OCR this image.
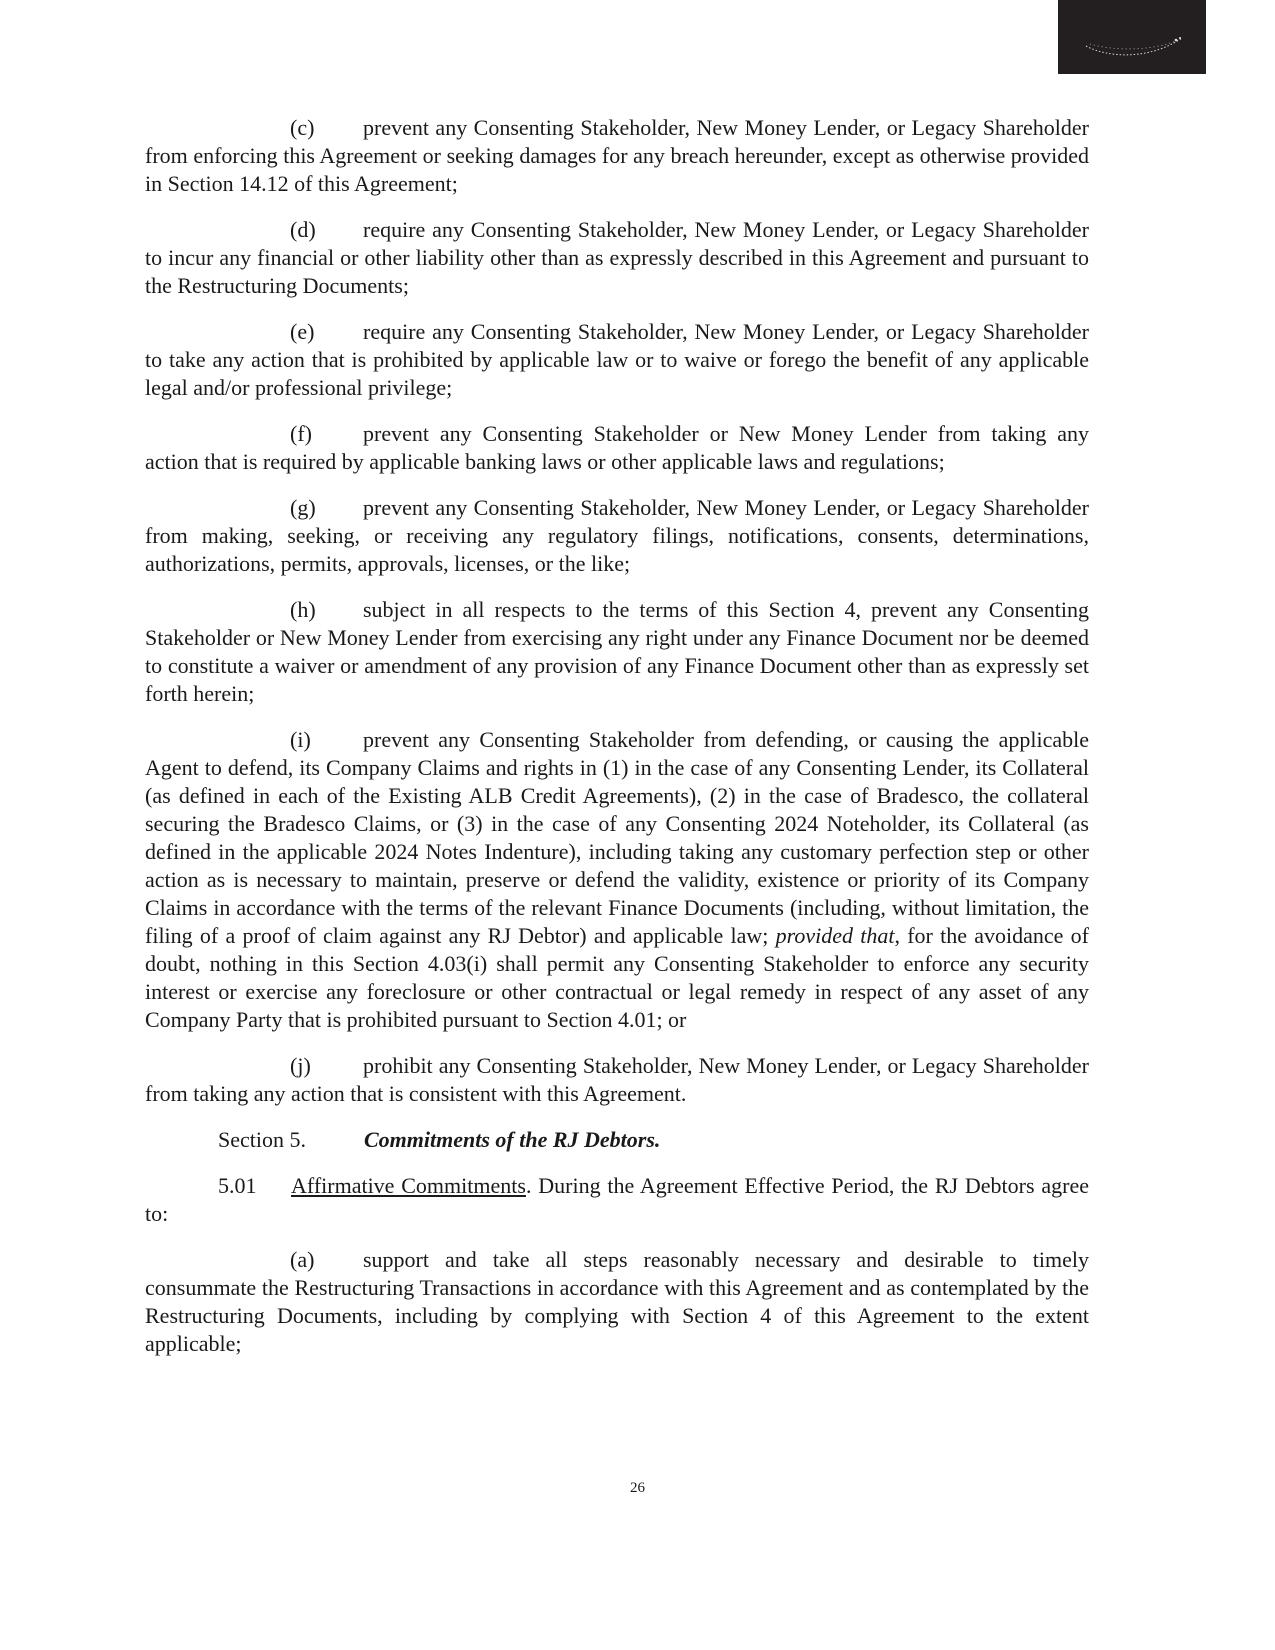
(c) prevent any Consenting Stakeholder, New Money Lender, or Legacy Shareholder from enforcing this Agreement or seeking damages for any breach hereunder, except as otherwise provided in Section 14.12 of this Agreement;

(d) require any Consenting Stakeholder, New Money Lender, or Legacy Shareholder to incur any financial or other liability other than as expressly described in this Agreement and pursuant to the Restructuring Documents;

(e) require any Consenting Stakeholder, New Money Lender, or Legacy Shareholder to take any action that is prohibited by applicable law or to waive or forego the benefit of any applicable legal and/or professional privilege;

(f) prevent any Consenting Stakeholder or New Money Lender from taking any action that is required by applicable banking laws or other applicable laws and regulations;

(g) prevent any Consenting Stakeholder, New Money Lender, or Legacy Shareholder from making, seeking, or receiving any regulatory filings, notifications, consents, determinations, authorizations, permits, approvals, licenses, or the like;

(h) subject in all respects to the terms of this Section 4, prevent any Consenting Stakeholder or New Money Lender from exercising any right under any Finance Document nor be deemed to constitute a waiver or amendment of any provision of any Finance Document other than as expressly set forth herein;

(i) prevent any Consenting Stakeholder from defending, or causing the applicable Agent to defend, its Company Claims and rights in (1) in the case of any Consenting Lender, its Collateral (as defined in each of the Existing ALB Credit Agreements), (2) in the case of Bradesco, the collateral securing the Bradesco Claims, or (3) in the case of any Consenting 2024 Noteholder, its Collateral (as defined in the applicable 2024 Notes Indenture), including taking any customary perfection step or other action as is necessary to maintain, preserve or defend the validity, existence or priority of its Company Claims in accordance with the terms of the relevant Finance Documents (including, without limitation, the filing of a proof of claim against any RJ Debtor) and applicable law; provided that, for the avoidance of doubt, nothing in this Section 4.03(i) shall permit any Consenting Stakeholder to enforce any security interest or exercise any foreclosure or other contractual or legal remedy in respect of any asset of any Company Party that is prohibited pursuant to Section 4.01; or

(j) prohibit any Consenting Stakeholder, New Money Lender, or Legacy Shareholder from taking any action that is consistent with this Agreement.

Section 5.	Commitments of the RJ Debtors.

5.01 Affirmative Commitments. During the Agreement Effective Period, the RJ Debtors agree to:

(a) support and take all steps reasonably necessary and desirable to timely consummate the Restructuring Transactions in accordance with this Agreement and as contemplated by the Restructuring Documents, including by complying with Section 4 of this Agreement to the extent applicable;

26
